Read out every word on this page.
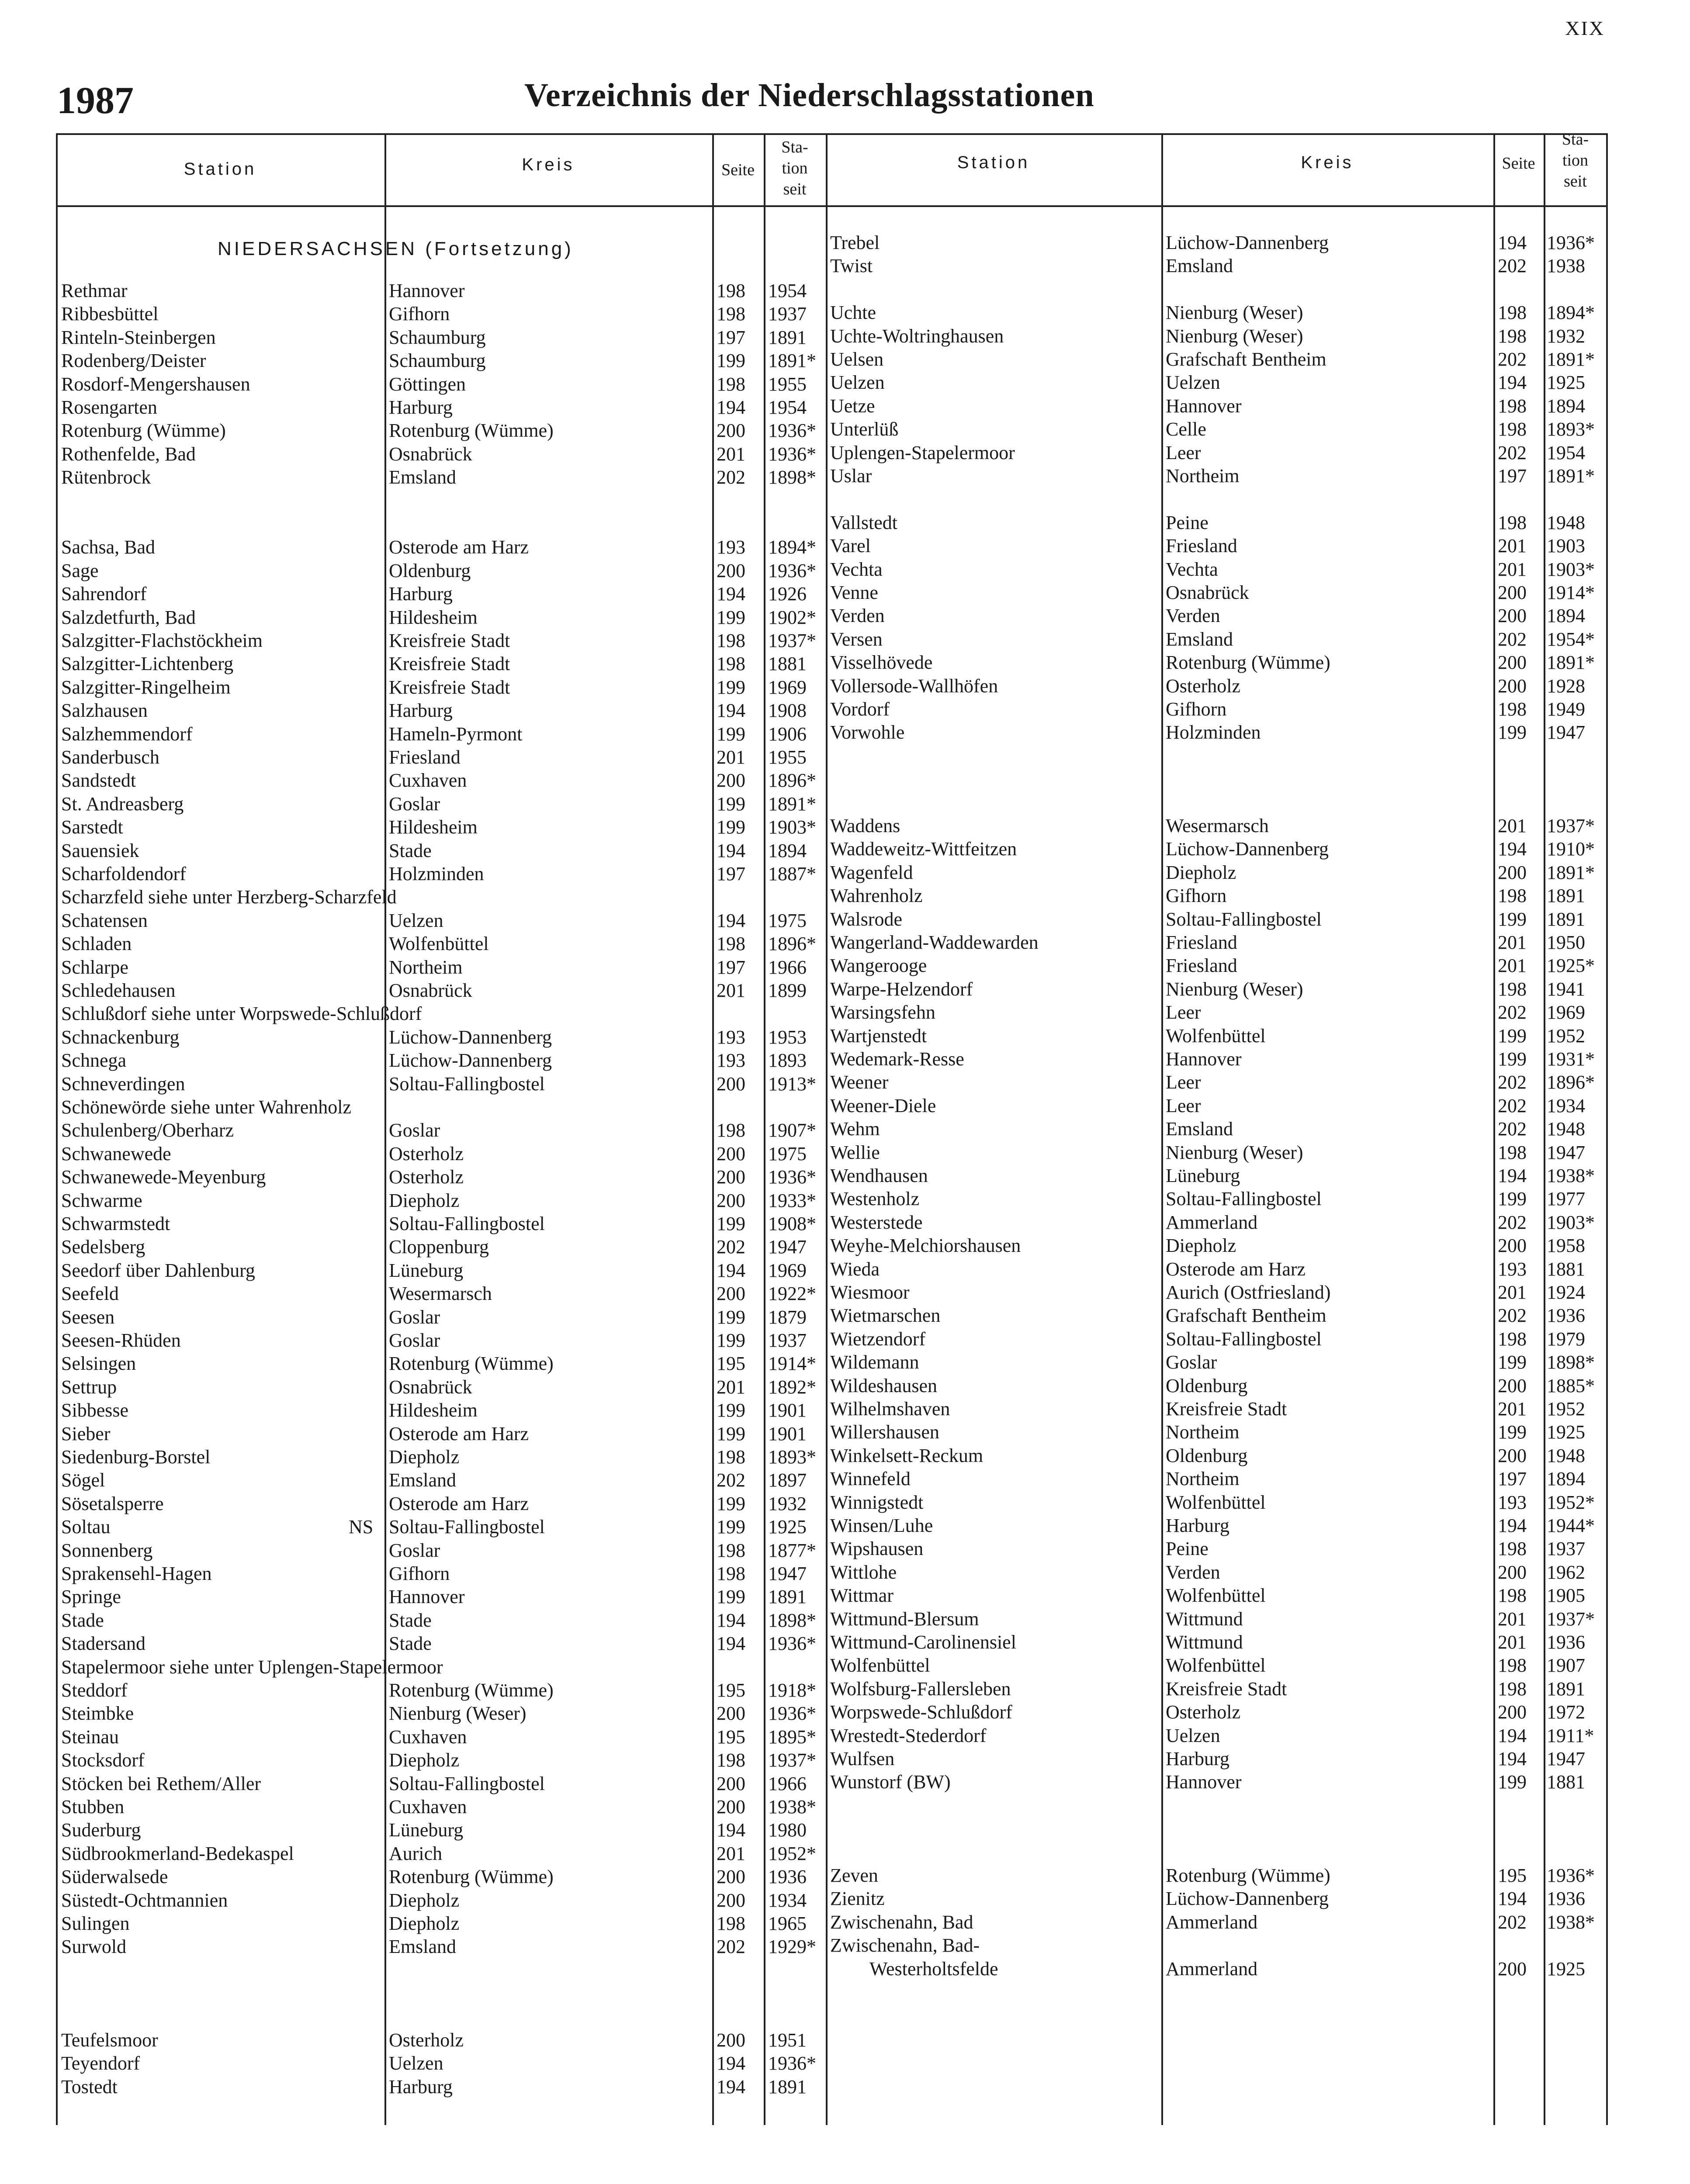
XIX
1987	Verzeichnis der Niederschlagsstationen
Station	Kreis	Seite
Sta-
tion
seit
Station	Kreis	Seite
Sta-
tion
seit
NIEDERSACHSEN (Fortsetzung)
Rethmar	Hannover	198 1954
Ribbesbüttel	Gifhorn	198 1937
Rinteln-Steinbergen	Schaumburg	197 1891
Rodenberg/Deister	Schaumburg	199 1891*
Rosdorf-Mengershausen	Göttingen	198 1955
Rosengarten	Harburg	194 1954
Rotenburg (Wümme)	Rotenburg (Wümme)	200 1936*
Rothenfelde, Bad	Osnabrück	201 1936*
Rütenbrock	Emsland	202 1898*
Sachsa, Bad	Osterode am Harz	193 1894*
Sage	Oldenburg	200 1936*
Sahrendorf	Harburg	194 1926
Salzdetfurth, Bad	Hildesheim	199 1902*
Salzgitter-Flachstöckheim	Kreisfreie Stadt	198 1937*
Salzgitter-Lichtenberg	Kreisfreie Stadt	198 1881
Salzgitter-Ringelheim	Kreisfreie Stadt	199 1969
Salzhausen	Harburg	194 1908
Salzhemmendorf	Hameln-Pyrmont	199 1906
Sanderbusch	Friesland	201 1955
Sandstedt	Cuxhaven	200 1896*
St. Andreasberg	Goslar	199 1891*
Sarstedt	Hildesheim	199 1903*
Sauensiek	Stade	194 1894
Scharfoldendorf	Holzminden	197 1887*
Scharzfeld siehe unter Herzberg-Scharzfeld
Schatensen	Uelzen	194 1975
Schladen	Wolfenbüttel	198 1896*
Schlarpe	Northeim	197 1966
Schledehausen	Osnabrück	201 1899
Schlußdorf siehe unter Worpswede-Schlußdorf
Schnackenburg	Lüchow-Dannenberg	193 1953
Schnega	Lüchow-Dannenberg	193 1893
Schneverdingen	Soltau-Fallingbostel	200 1913*
Schönewörde siehe unter Wahrenholz
Schulenberg/Oberharz	Goslar	198 1907*
Schwanewede	Osterholz	200 1975
Schwanewede-Meyenburg	Osterholz	200 1936*
Schwarme	Diepholz	200 1933*
Schwarmstedt	Soltau-Fallingbostel	199 1908*
Sedelsberg	Cloppenburg	202 1947
Seedorf über Dahlenburg	Lüneburg	194 1969
Seefeld	Wesermarsch	200 1922*
Seesen	Goslar	199 1879
Seesen-Rhüden	Goslar	199 1937
Selsingen	Rotenburg (Wümme)	195 1914*
Settrup	Osnabrück	201 1892*
Sibbesse	Hildesheim	199 1901
Sieber	Osterode am Harz	199 1901
Siedenburg-Borstel	Diepholz	198 1893*
Sögel	Emsland	202 1897
Sösetalsperre	Osterode am Harz	199 1932
Soltau	NS Soltau-Fallingbostel	199 1925
Sonnenberg	Goslar	198 1877*
Sprakensehl-Hagen	Gifhorn	198 1947
Springe	Hannover	199 1891
Stade	Stade	194 1898*
Stadersand	Stade	194 1936*
Stapelermoor siehe unter Uplengen-Stapelermoor
Steddorf	Rotenburg (Wümme)	195 1918*
Steimbke	Nienburg (Weser)	200 1936*
Steinau	Cuxhaven	195 1895*
Stocksdorf	Diepholz	198 1937*
Stöcken bei Rethem/Aller	Soltau-Fallingbostel	200 1966
Stubben	Cuxhaven	200 1938*
Suderburg	Lüneburg	194 1980
Südbrookmerland-Bedekaspel	Aurich	201 1952*
Süderwalsede	Rotenburg (Wümme)	200 1936
Süstedt-Ochtmannien	Diepholz	200 1934
Sulingen	Diepholz	198 1965
Surwold	Emsland	202 1929*
Teufelsmoor	Osterholz	200 1951
Teyendorf	Uelzen	194 1936*
Tostedt	Harburg	194 1891
Trebel	Lüchow-Dannenberg	194 1936*
Twist	Emsland	202 1938
Uchte	Nienburg (Weser)	198 1894*
Uchte-Woltringhausen	Nienburg (Weser)	198 1932
Uelsen	Grafschaft Bentheim	202 1891*
Uelzen	Uelzen	194 1925
Uetze	Hannover	198 1894
Unterlüß	Celle	198 1893*
Uplengen-Stapelermoor	Leer	202 1954
Uslar	Northeim	197 1891*
Vallstedt	Peine	198 1948
Varel	Friesland	201 1903
Vechta	Vechta	201 1903*
Venne	Osnabrück	200 1914*
Verden	Verden	200 1894
Versen	Emsland	202 1954*
Visselhövede	Rotenburg (Wümme)	200 1891*
Vollersode-Wallhöfen	Osterholz	200 1928
Vordorf	Gifhorn	198 1949
Vorwohle	Holzminden	199 1947
Waddens	Wesermarsch	201 1937*
Waddeweitz-Wittfeitzen	Lüchow-Dannenberg	194 1910*
Wagenfeld	Diepholz	200 1891*
Wahrenholz	Gifhorn	198 1891
Walsrode	Soltau-Fallingbostel	199 1891
Wangerland-Waddewarden	Friesland	201 1950
Wangerooge	Friesland	201 1925*
Warpe-Helzendorf	Nienburg (Weser)	198 1941
Warsingsfehn	Leer	202 1969
Wartjenstedt	Wolfenbüttel	199 1952
Wedemark-Resse	Hannover	199 1931*
Weener	Leer	202 1896*
Weener-Diele	Leer	202 1934
Wehm	Emsland	202 1948
Wellie	Nienburg (Weser)	198 1947
Wendhausen	Lüneburg	194 1938*
Westenholz	Soltau-Fallingbostel	199 1977
Westerstede	Ammerland	202 1903*
Weyhe-Melchiorshausen	Diepholz	200 1958
Wieda	Osterode am Harz	193 1881
Wiesmoor	Aurich (Ostfriesland)	201 1924
Wietmarschen	Grafschaft Bentheim	202 1936
Wietzendorf	Soltau-Fallingbostel	198 1979
Wildemann	Goslar	199 1898*
Wildeshausen	Oldenburg	200 1885*
Wilhelmshaven	Kreisfreie Stadt	201 1952
Willershausen	Northeim	199 1925
Winkelsett-Reckum	Oldenburg	200 1948
Winnefeld	Northeim	197 1894
Winnigstedt	Wolfenbüttel	193 1952*
Winsen/Luhe	Harburg	194 1944*
Wipshausen	Peine	198 1937
Wittlohe	Verden	200 1962
Wittmar	Wolfenbüttel	198 1905
Wittmund-Blersum	Wittmund	201 1937*
Wittmund-Carolinensiel	Wittmund	201 1936
Wolfenbüttel	Wolfenbüttel	198 1907
Wolfsburg-Fallersleben	Kreisfreie Stadt	198 1891
Worpswede-Schlußdorf	Osterholz	200 1972
Wrestedt-Stederdorf	Uelzen	194 1911*
Wulfsen	Harburg	194 1947
Wunstorf (BW)	Hannover	199 1881
Zeven	Rotenburg (Wümme)	195 1936*
Zienitz	Lüchow-Dannenberg	194 1936
Zwischenahn, Bad	Ammerland	202 1938*
Zwischenahn, Bad-
Westerholtsfelde	Ammerland	200 1925
